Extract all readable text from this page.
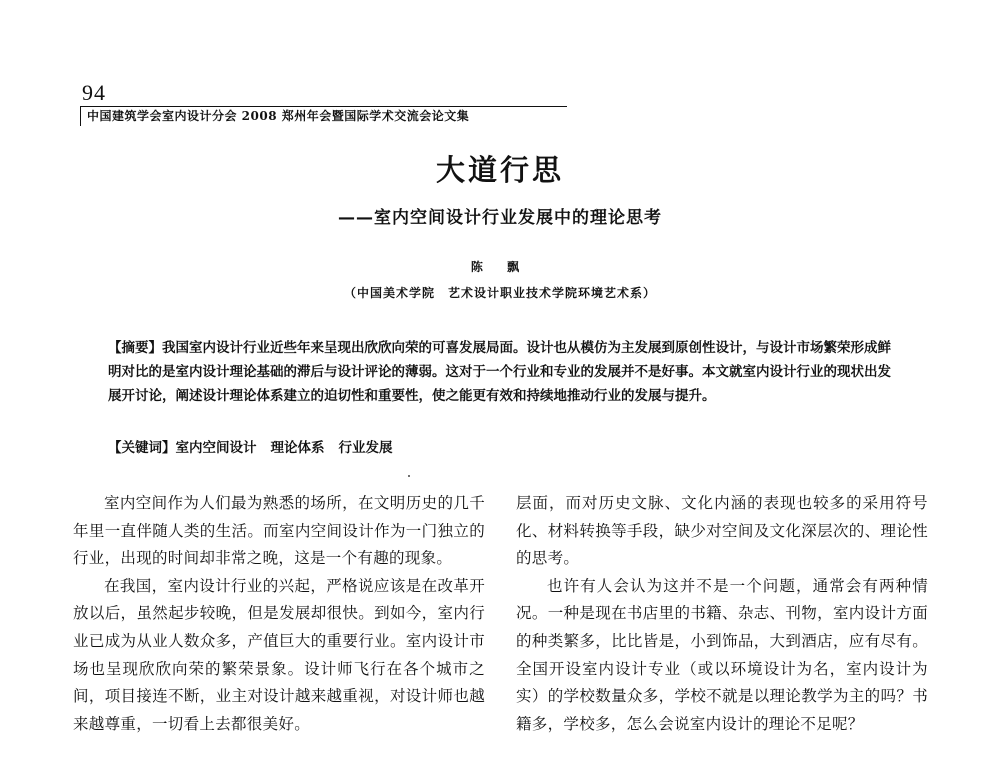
94
中国建筑学会室内设计分会 2008 郑州年会暨国际学术交流会论文集
大道行思
——室内空间设计行业发展中的理论思考
陈 飘
（中国美术学院　艺术设计职业技术学院环境艺术系）
【摘要】我国室内设计行业近些年来呈现出欣欣向荣的可喜发展局面。设计也从模仿为主发展到原创性设计，与设计市场繁荣形成鲜明对比的是室内设计理论基础的滞后与设计评论的薄弱。这对于一个行业和专业的发展并不是好事。本文就室内设计行业的现状出发展开讨论，阐述设计理论体系建立的迫切性和重要性，使之能更有效和持续地推动行业的发展与提升。
【关键词】室内空间设计 理论体系 行业发展

室内空间作为人们最为熟悉的场所，在文明历史的几千年里一直伴随人类的生活。而室内空间设计作为一门独立的行业，出现的时间却非常之晚，这是一个有趣的现象。

在我国，室内设计行业的兴起，严格说应该是在改革开放以后，虽然起步较晚，但是发展却很快。到如今，室内行业已成为从业人数众多，产值巨大的重要行业。室内设计市场也呈现欣欣向荣的繁荣景象。设计师飞行在各个城市之间，项目接连不断，业主对设计越来越重视，对设计师也越来越尊重，一切看上去都很美好。

层面，而对历史文脉、文化内涵的表现也较多的采用符号化、材料转换等手段，缺少对空间及文化深层次的、理论性的思考。

也许有人会认为这并不是一个问题，通常会有两种情况。一种是现在书店里的书籍、杂志、刊物，室内设计方面的种类繁多，比比皆是，小到饰品，大到酒店，应有尽有。全国开设室内设计专业（或以环境设计为名，室内设计为实）的学校数量众多，学校不就是以理论教学为主的吗？书籍多，学校多，怎么会说室内设计的理论不足呢？
